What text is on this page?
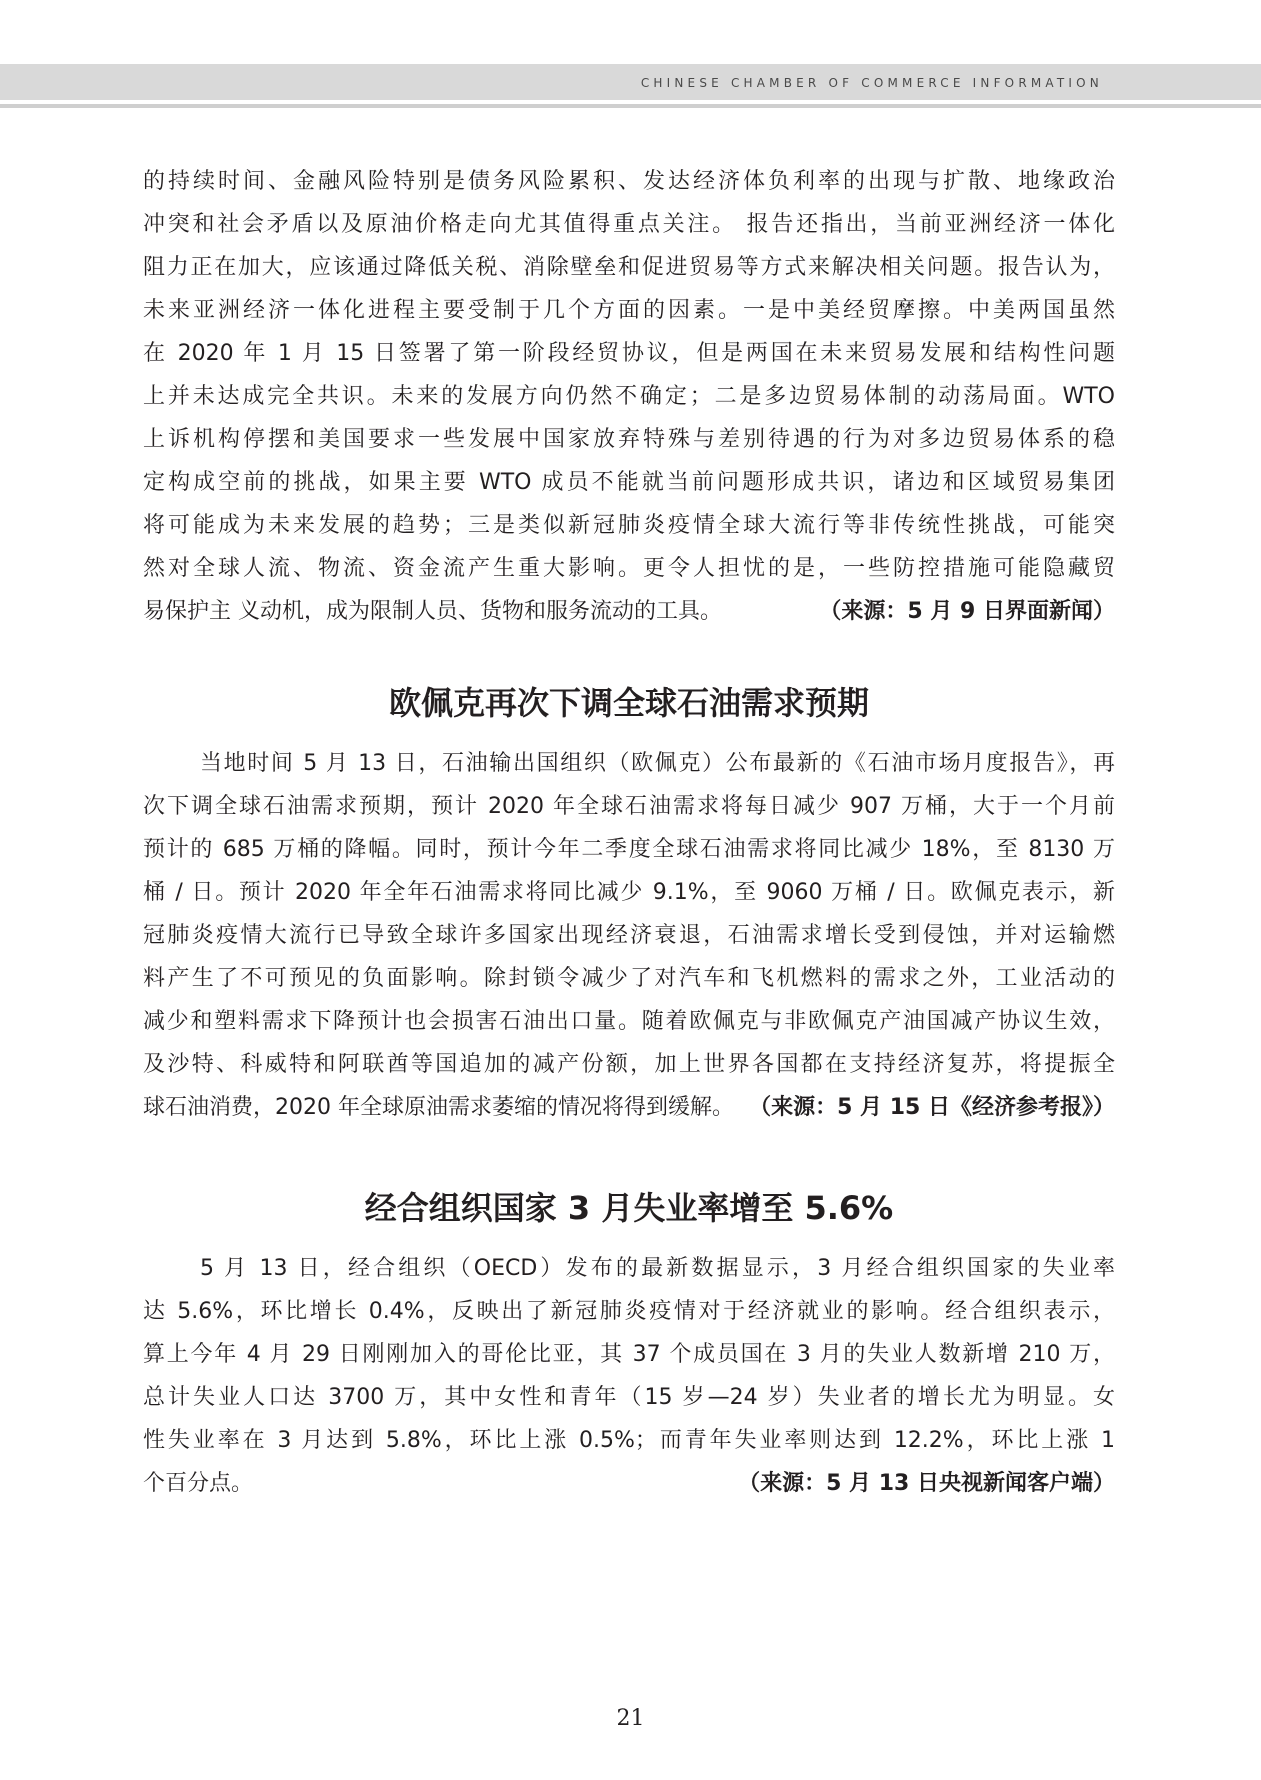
CHINESE CHAMBER OF COMMERCE INFORMATION
的持续时间、金融风险特别是债务风险累积、发达经济体负利率的出现与扩散、地缘政治
冲突和社会矛盾以及原油价格走向尤其值得重点关注。 报告还指出，当前亚洲经济一体化
阻力正在加大，应该通过降低关税、消除壁垒和促进贸易等方式来解决相关问题。报告认为，
未来亚洲经济一体化进程主要受制于几个方面的因素。一是中美经贸摩擦。中美两国虽然
在 2020 年 1 月 15 日签署了第一阶段经贸协议，但是两国在未来贸易发展和结构性问题
上并未达成完全共识。未来的发展方向仍然不确定；二是多边贸易体制的动荡局面。WTO
上诉机构停摆和美国要求一些发展中国家放弃特殊与差别待遇的行为对多边贸易体系的稳
定构成空前的挑战，如果主要 WTO 成员不能就当前问题形成共识，诸边和区域贸易集团
将可能成为未来发展的趋势；三是类似新冠肺炎疫情全球大流行等非传统性挑战，可能突
然对全球人流、物流、资金流产生重大影响。更令人担忧的是，一些防控措施可能隐藏贸
易保护主 义动机，成为限制人员、货物和服务流动的工具。	（来源：5 月 9 日界面新闻）
欧佩克再次下调全球石油需求预期
当地时间 5 月 13 日，石油输出国组织（欧佩克）公布最新的《石油市场月度报告》，再
次下调全球石油需求预期，预计 2020 年全球石油需求将每日减少 907 万桶，大于一个月前
预计的 685 万桶的降幅。同时，预计今年二季度全球石油需求将同比减少 18%，至 8130 万
桶 / 日。预计 2020 年全年石油需求将同比减少 9.1%，至 9060 万桶 / 日。欧佩克表示，新
冠肺炎疫情大流行已导致全球许多国家出现经济衰退，石油需求增长受到侵蚀，并对运输燃
料产生了不可预见的负面影响。除封锁令减少了对汽车和飞机燃料的需求之外，工业活动的
减少和塑料需求下降预计也会损害石油出口量。随着欧佩克与非欧佩克产油国减产协议生效，
及沙特、科威特和阿联酋等国追加的减产份额，加上世界各国都在支持经济复苏，将提振全
球石油消费，2020 年全球原油需求萎缩的情况将得到缓解。 （来源：5 月 15 日《经济参考报》）
经合组织国家 3 月失业率增至 5.6%
5 月 13 日，经合组织（OECD）发布的最新数据显示，3 月经合组织国家的失业率
达 5.6%，环比增长 0.4%，反映出了新冠肺炎疫情对于经济就业的影响。经合组织表示，
算上今年 4 月 29 日刚刚加入的哥伦比亚，其 37 个成员国在 3 月的失业人数新增 210 万，
总计失业人口达 3700 万，其中女性和青年（15 岁—24 岁）失业者的增长尤为明显。女
性失业率在 3 月达到 5.8%，环比上涨 0.5%；而青年失业率则达到 12.2%，环比上涨 1
个百分点。	（来源：5 月 13 日央视新闻客户端）
21
